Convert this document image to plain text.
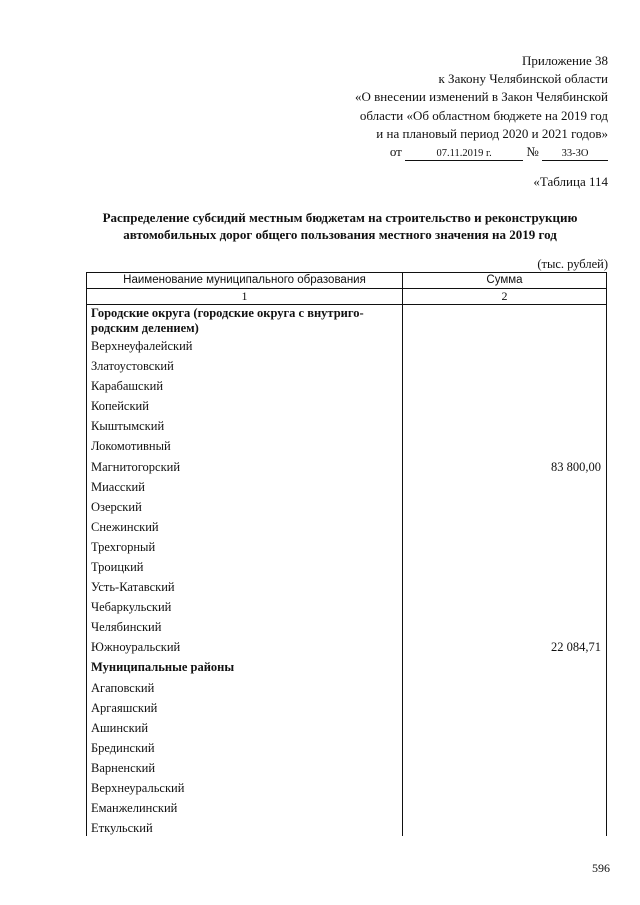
Приложение 38
к Закону Челябинской области
«О внесении изменений в Закон Челябинской
области «Об областном бюджете на 2019 год
и на плановый период 2020 и 2021 годов»
от	07.11.2019 г.	№ 33-ЗО
«Таблица 114
Распределение субсидий местным бюджетам на строительство и реконструкцию
автомобильных дорог общего пользования местного значения на 2019 год
(тыс. рублей)
Наименование муниципального образования	Сумма
1	2

Городские округа (городские округа с внутриго-
родским делением)	

Верхнеуфалейский	
Златоустовский	
Карабашский	
Копейский	
Кыштымский	
Локомотивный	
Магнитогорский	83 800,00
Миасский	
Озерский	
Снежинский	
Трехгорный	
Троицкий	
Усть-Катавский	
Чебаркульский	
Челябинский	
Южноуральский	22 084,71
Муниципальные районы	
Агаповский	
Аргаяшский	
Ашинский	
Брединский	
Варненский	
Верхнеуральский	
Еманжелинский	
Еткульский	
596
